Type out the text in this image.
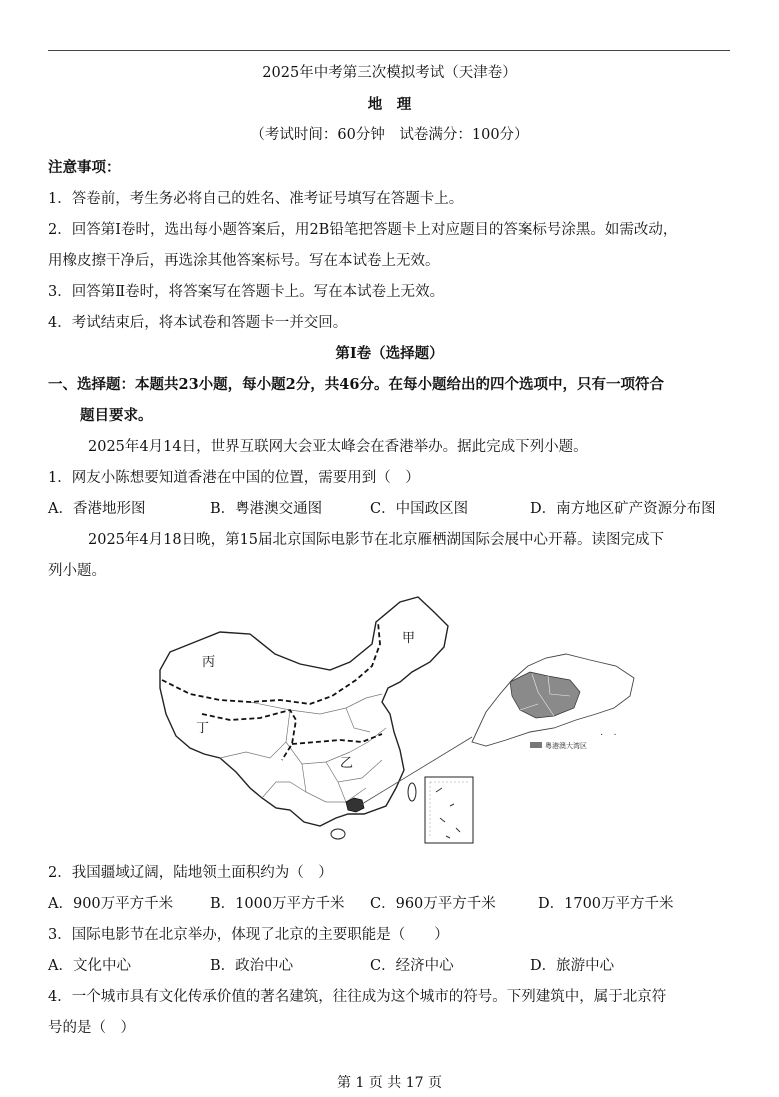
2025年中考第三次模拟考试（天津卷）
地　理
（考试时间：60分钟　试卷满分：100分）
注意事项：
1．答卷前，考生务必将自己的姓名、准考证号填写在答题卡上。
2．回答第Ⅰ卷时，选出每小题答案后，用2B铅笔把答题卡上对应题目的答案标号涂黑。如需改动，
用橡皮擦干净后，再选涂其他答案标号。写在本试卷上无效。
3．回答第Ⅱ卷时，将答案写在答题卡上。写在本试卷上无效。
4．考试结束后，将本试卷和答题卡一并交回。
第Ⅰ卷（选择题）
一、选择题：本题共23小题，每小题2分，共46分。在每小题给出的四个选项中，只有一项符合
题目要求。
2025年4月14日，世界互联网大会亚太峰会在香港举办。据此完成下列小题。
1．网友小陈想要知道香港在中国的位置，需要用到（　）
A．香港地形图	B．粤港澳交通图	C．中国政区图	D．南方地区矿产资源分布图
2025年4月18日晚，第15届北京国际电影节在北京雁栖湖国际会展中心开幕。读图完成下
列小题。
粤港澳大湾区
·　·
甲
乙
丙
丁
2．我国疆域辽阔，陆地领土面积约为（　）
A．900万平方千米	B．1000万平方千米 C．960万平方千米	D．1700万平方千米
3．国际电影节在北京举办，体现了北京的主要职能是（　　）
A．文化中心	B．政治中心	C．经济中心	D．旅游中心
4．一个城市具有文化传承价值的著名建筑，往往成为这个城市的符号。下列建筑中，属于北京符
号的是（　）
第 1 页 共 17 页
